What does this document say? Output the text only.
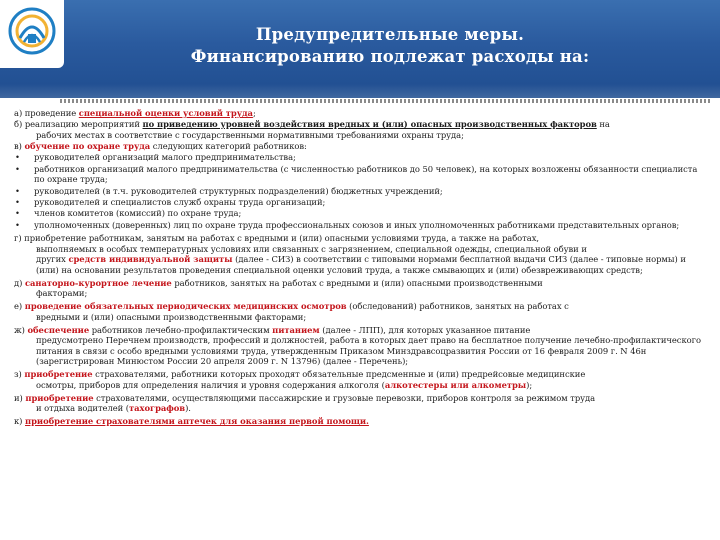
Предупредительные меры.
Финансированию подлежат расходы на:
а) проведение специальной оценки условий труда;
б) реализацию мероприятий по приведению уровней воздействия вредных и (или) опасных производственных факторов на
рабочих местах в соответствие с государственными нормативными требованиями охраны труда;
в) обучение по охране труда следующих категорий работников:
• руководителей организаций малого предпринимательства;
• работников организаций малого предпринимательства (с численностью работников до 50 человек), на которых возложены обязанности специалиста по охране труда;
• руководителей (в т.ч. руководителей структурных подразделений) бюджетных учреждений;
• руководителей и специалистов служб охраны труда организаций;
• членов комитетов (комиссий) по охране труда;
• уполномоченных (доверенных) лиц по охране труда профессиональных союзов и иных уполномоченных работниками представительных органов;
г) приобретение работникам, занятым на работах с вредными и (или) опасными условиями труда, а также на работах,
выполняемых в особых температурных условиях или связанных с загрязнением, специальной одежды, специальной обуви и
других средств индивидуальной защиты (далее - СИЗ) в соответствии с типовыми нормами бесплатной выдачи СИЗ (далее - типовые нормы) и (или) на основании результатов проведения специальной оценки условий труда, а также смывающих и (или) обезвреживающих средств;
д) санаторно-курортное лечение работников, занятых на работах с вредными и (или) опасными производственными
факторами;
е) проведение обязательных периодических медицинских осмотров (обследований) работников, занятых на работах с
вредными и (или) опасными производственными факторами;
ж) обеспечение работников лечебно-профилактическим питанием (далее - ЛПП), для которых указанное питание
предусмотрено Перечнем производств, профессий и должностей, работа в которых дает право на бесплатное получение лечебно-профилактического питания в связи с особо вредными условиями труда, утвержденным Приказом Минздравсоцразвития России от 16 февраля 2009 г. N 46н (зарегистрирован Минюстом России 20 апреля 2009 г. N 13796) (далее - Перечень);
з) приобретение страхователями, работники которых проходят обязательные предсменные и (или) предрейсовые медицинские
осмотры, приборов для определения наличия и уровня содержания алкоголя (алкотестеры или алкометры);
и) приобретение страхователями, осуществляющими пассажирские и грузовые перевозки, приборов контроля за режимом труда
и отдыха водителей (тахографов).
к) приобретение страхователями аптечек для оказания первой помощи.
